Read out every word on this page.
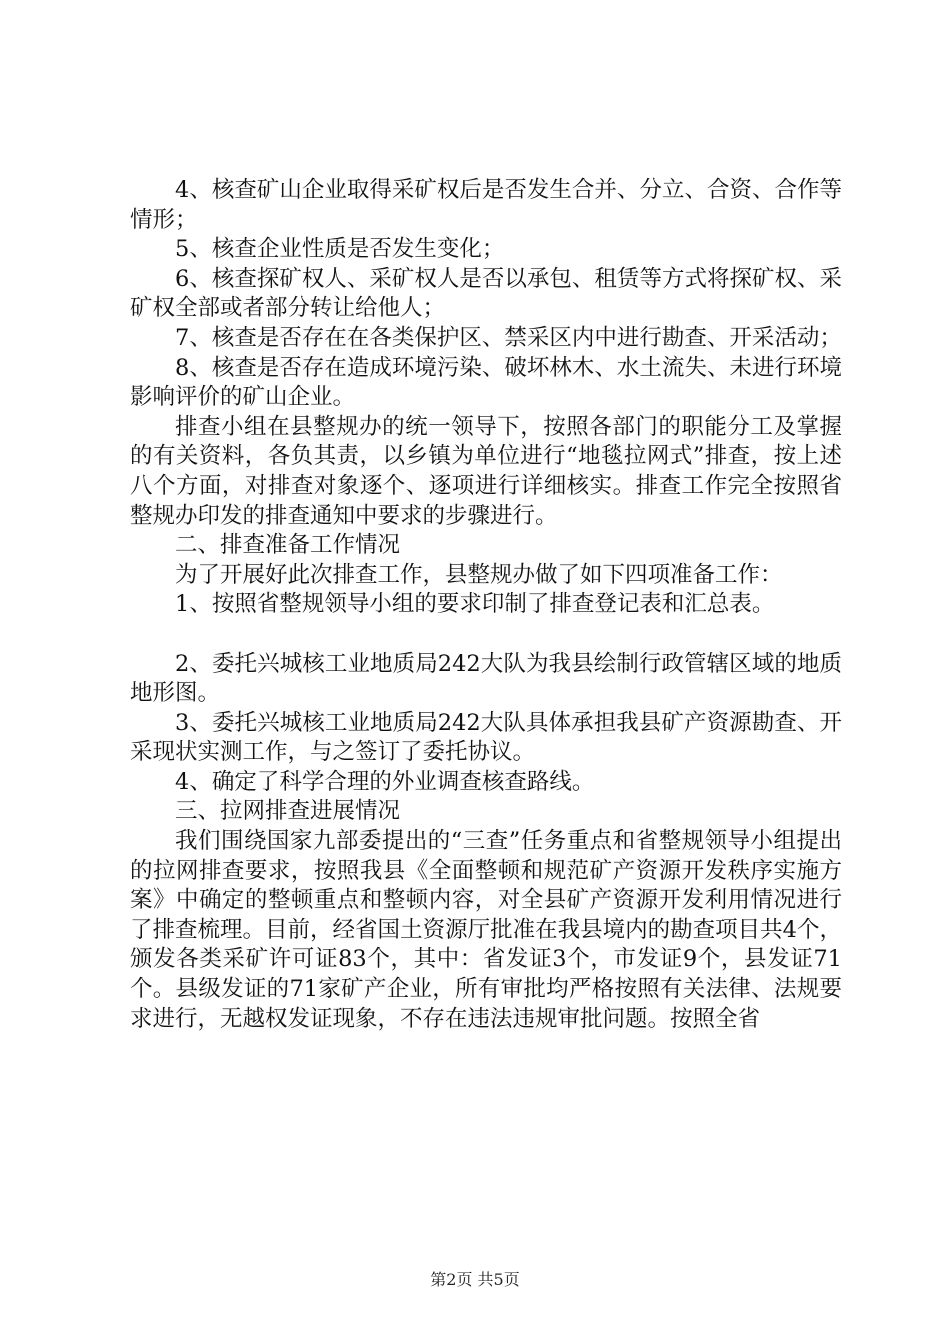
4、核查矿山企业取得采矿权后是否发生合并、分立、合资、合作等情形；

5、核查企业性质是否发生变化；

6、核查探矿权人、采矿权人是否以承包、租赁等方式将探矿权、采矿权全部或者部分转让给他人；

7、核查是否存在在各类保护区、禁采区内中进行勘查、开采活动；

8、核查是否存在造成环境污染、破坏林木、水土流失、未进行环境影响评价的矿山企业。

排查小组在县整规办的统一领导下，按照各部门的职能分工及掌握的有关资料，各负其责，以乡镇为单位进行“地毯拉网式”排查，按上述八个方面，对排查对象逐个、逐项进行详细核实。排查工作完全按照省整规办印发的排查通知中要求的步骤进行。

二、排查准备工作情况

为了开展好此次排查工作，县整规办做了如下四项准备工作：

1、按照省整规领导小组的要求印制了排查登记表和汇总表。

2、委托兴城核工业地质局242大队为我县绘制行政管辖区域的地质地形图。

3、委托兴城核工业地质局242大队具体承担我县矿产资源勘查、开采现状实测工作，与之签订了委托协议。

4、确定了科学合理的外业调查核查路线。

三、拉网排查进展情况

我们围绕国家九部委提出的“三查”任务重点和省整规领导小组提出的拉网排查要求，按照我县《全面整顿和规范矿产资源开发秩序实施方案》中确定的整顿重点和整顿内容，对全县矿产资源开发利用情况进行了排查梳理。目前，经省国土资源厅批准在我县境内的勘查项目共4个，颁发各类采矿许可证83个，其中：省发证3个，市发证9个，县发证71个。县级发证的71家矿产企业，所有审批均严格按照有关法律、法规要求进行，无越权发证现象，不存在违法违规审批问题。按照全省

第2页 共5页
